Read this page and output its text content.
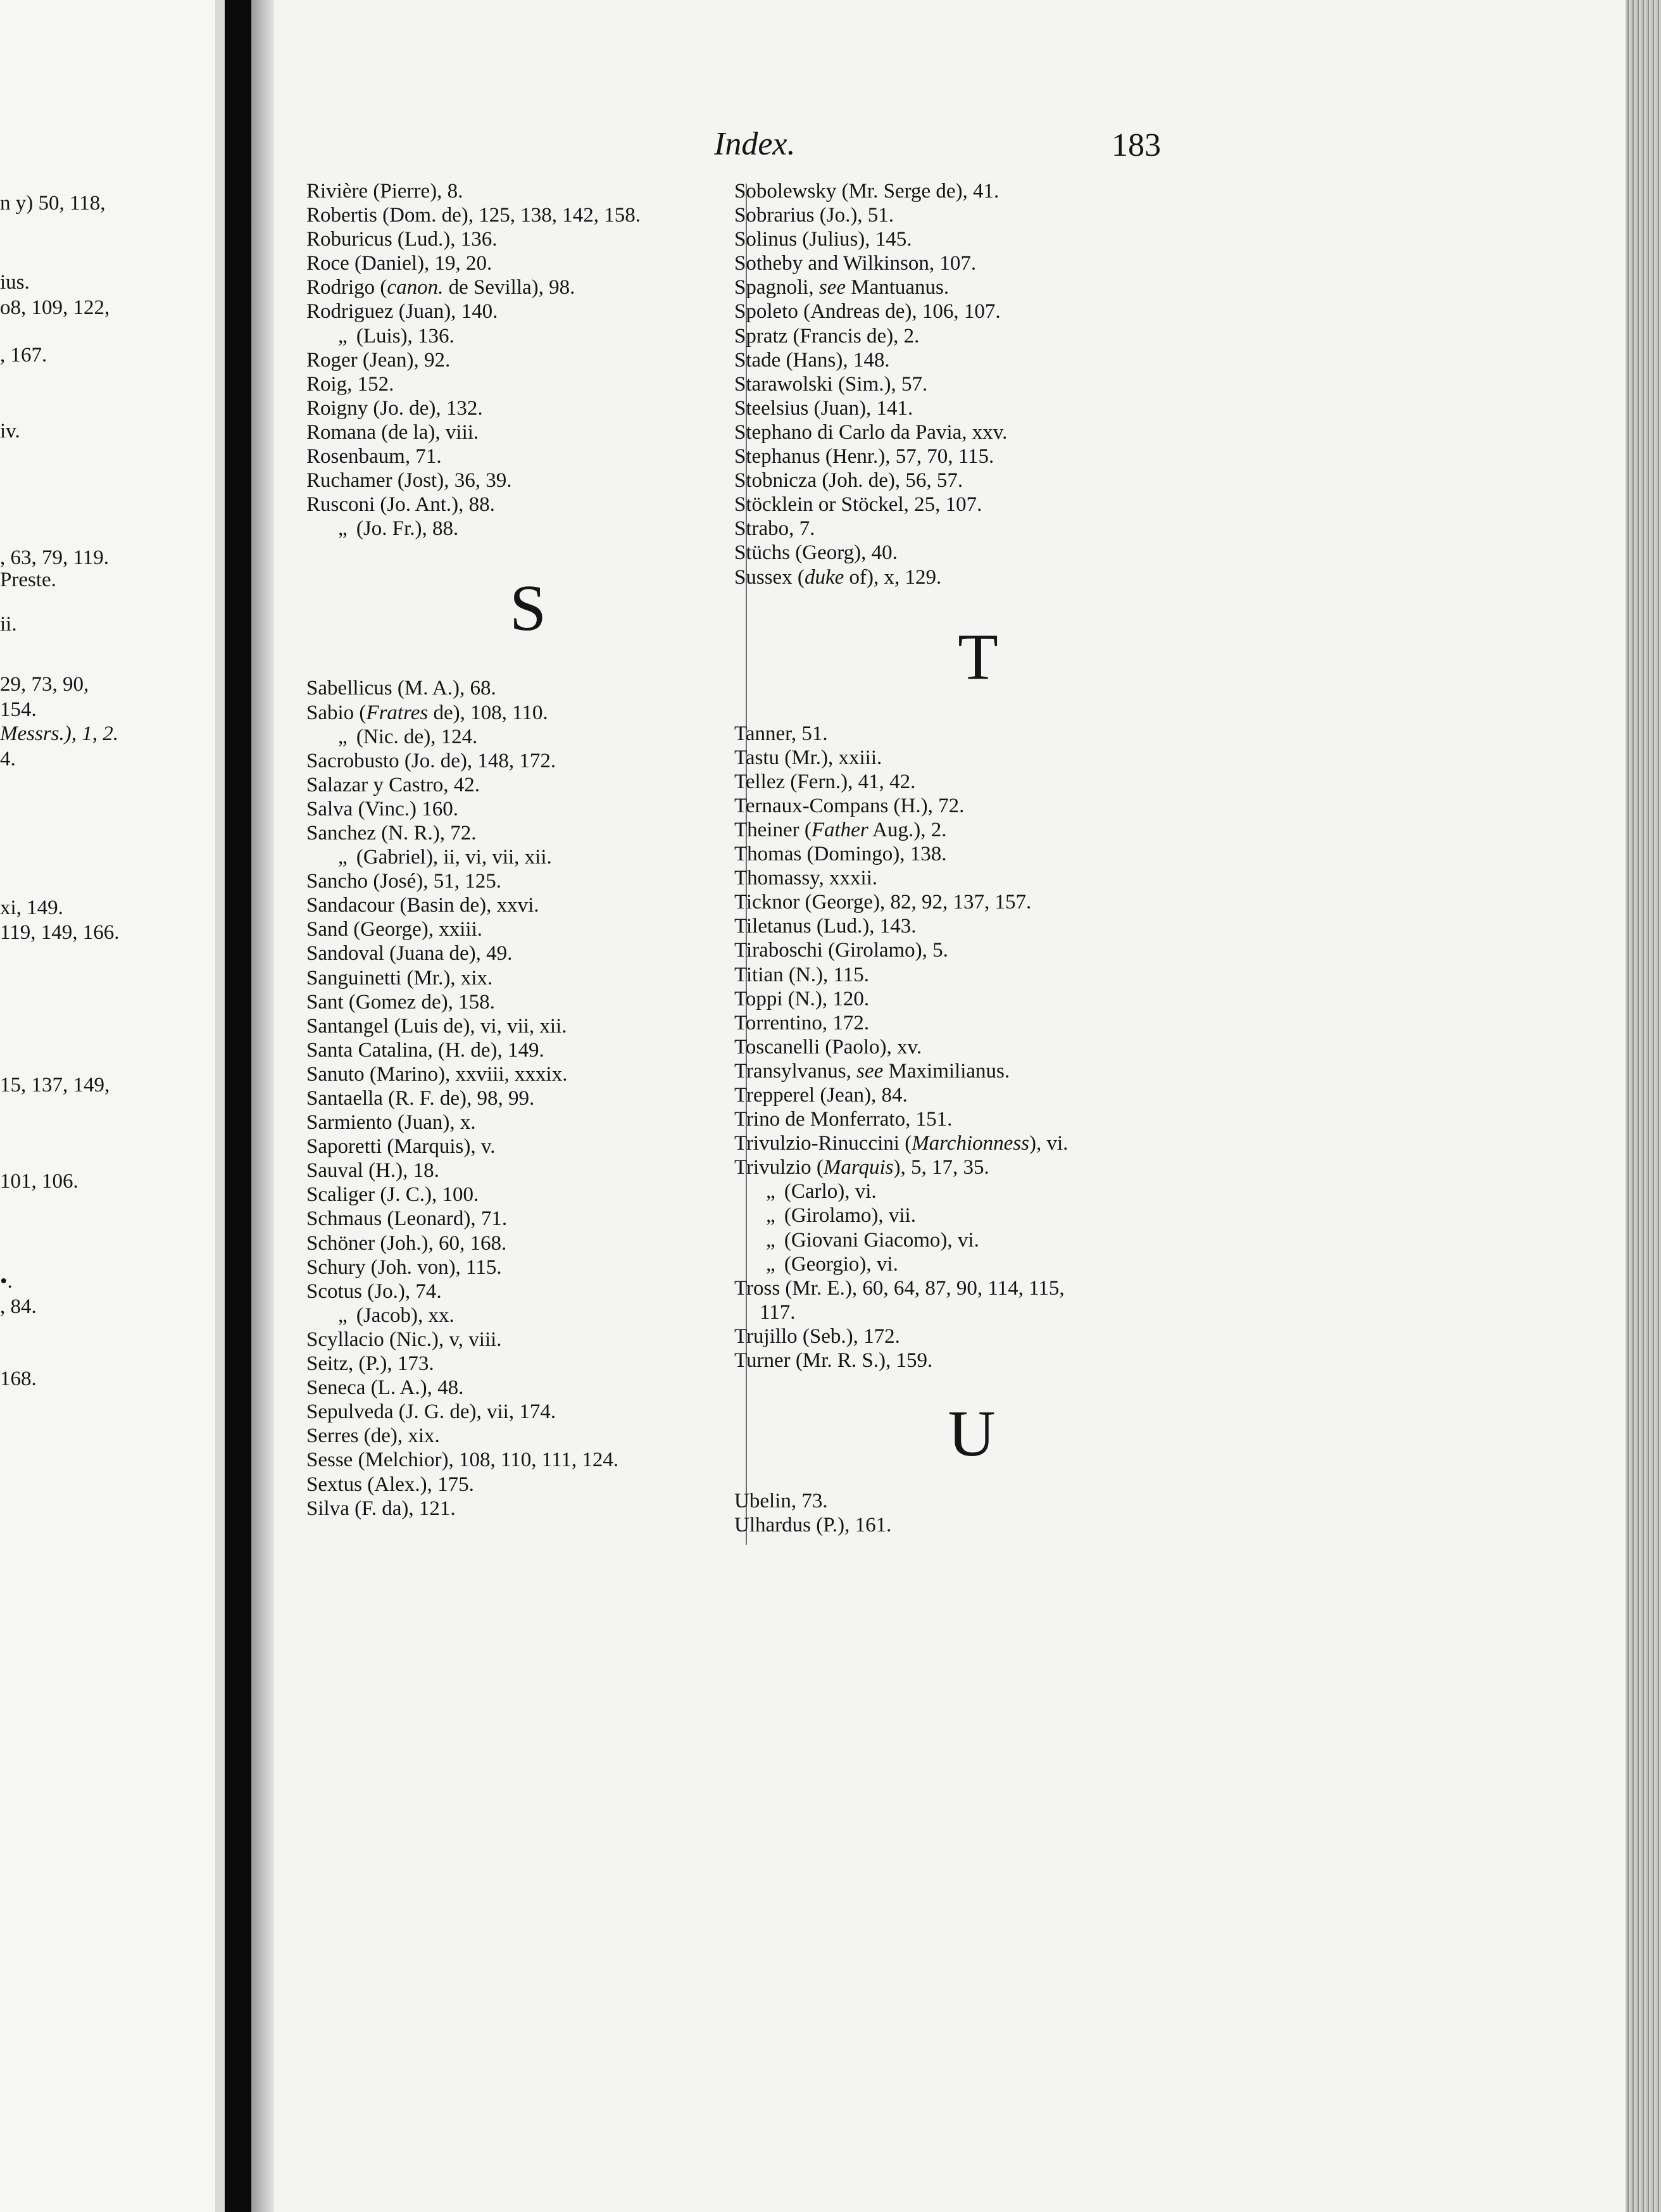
n y) 50, 118,
ius.
o8, 109, 122,
, 167.
iv.
, 63, 79, 119.
Preste.
ii.
29, 73, 90,
154.
Messrs.), 1, 2.
4.
xi, 149.
119, 149, 166.
15, 137, 149,
101, 106.
•.
, 84.
168.
Index.	183
Rivière (Pierre), 8.
Robertis (Dom. de), 125, 138, 142, 158.
Roburicus (Lud.), 136.
Roce (Daniel), 19, 20.
Rodrigo (canon. de Sevilla), 98.
Rodriguez (Juan), 140.
„ (Luis), 136.
Roger (Jean), 92.
Roig, 152.
Roigny (Jo. de), 132.
Romana (de la), viii.
Rosenbaum, 71.
Ruchamer (Jost), 36, 39.
Rusconi (Jo. Ant.), 88.
„ (Jo. Fr.), 88.
S
Sabellicus (M. A.), 68.
Sabio (Fratres de), 108, 110.
„ (Nic. de), 124.
Sacrobusto (Jo. de), 148, 172.
Salazar y Castro, 42.
Salva (Vinc.) 160.
Sanchez (N. R.), 72.
„ (Gabriel), ii, vi, vii, xii.
Sancho (José), 51, 125.
Sandacour (Basin de), xxvi.
Sand (George), xxiii.
Sandoval (Juana de), 49.
Sanguinetti (Mr.), xix.
Sant (Gomez de), 158.
Santangel (Luis de), vi, vii, xii.
Santa Catalina, (H. de), 149.
Sanuto (Marino), xxviii, xxxix.
Santaella (R. F. de), 98, 99.
Sarmiento (Juan), x.
Saporetti (Marquis), v.
Sauval (H.), 18.
Scaliger (J. C.), 100.
Schmaus (Leonard), 71.
Schöner (Joh.), 60, 168.
Schury (Joh. von), 115.
Scotus (Jo.), 74.
„ (Jacob), xx.
Scyllacio (Nic.), v, viii.
Seitz, (P.), 173.
Seneca (L. A.), 48.
Sepulveda (J. G. de), vii, 174.
Serres (de), xix.
Sesse (Melchior), 108, 110, 111, 124.
Sextus (Alex.), 175.
Silva (F. da), 121.
Sobolewsky (Mr. Serge de), 41.
Sobrarius (Jo.), 51.
Solinus (Julius), 145.
Sotheby and Wilkinson, 107.
Spagnoli, see Mantuanus.
Spoleto (Andreas de), 106, 107.
Spratz (Francis de), 2.
Stade (Hans), 148.
Starawolski (Sim.), 57.
Steelsius (Juan), 141.
Stephano di Carlo da Pavia, xxv.
Stephanus (Henr.), 57, 70, 115.
Stobnicza (Joh. de), 56, 57.
Stöcklein or Stöckel, 25, 107.
Strabo, 7.
Stüchs (Georg), 40.
Sussex (duke of), x, 129.
T
Tanner, 51.
Tastu (Mr.), xxiii.
Tellez (Fern.), 41, 42.
Ternaux-Compans (H.), 72.
Theiner (Father Aug.), 2.
Thomas (Domingo), 138.
Thomassy, xxxii.
Ticknor (George), 82, 92, 137, 157.
Tiletanus (Lud.), 143.
Tiraboschi (Girolamo), 5.
Titian (N.), 115.
Toppi (N.), 120.
Torrentino, 172.
Toscanelli (Paolo), xv.
Transylvanus, see Maximilianus.
Trepperel (Jean), 84.
Trino de Monferrato, 151.
Trivulzio-Rinuccini (Marchionness), vi.
Trivulzio (Marquis), 5, 17, 35.
„ (Carlo), vi.
„ (Girolamo), vii.
„ (Giovani Giacomo), vi.
„ (Georgio), vi.
Tross (Mr. E.), 60, 64, 87, 90, 114, 115,
117.
Trujillo (Seb.), 172.
Turner (Mr. R. S.), 159.
U
Ubelin, 73.
Ulhardus (P.), 161.
